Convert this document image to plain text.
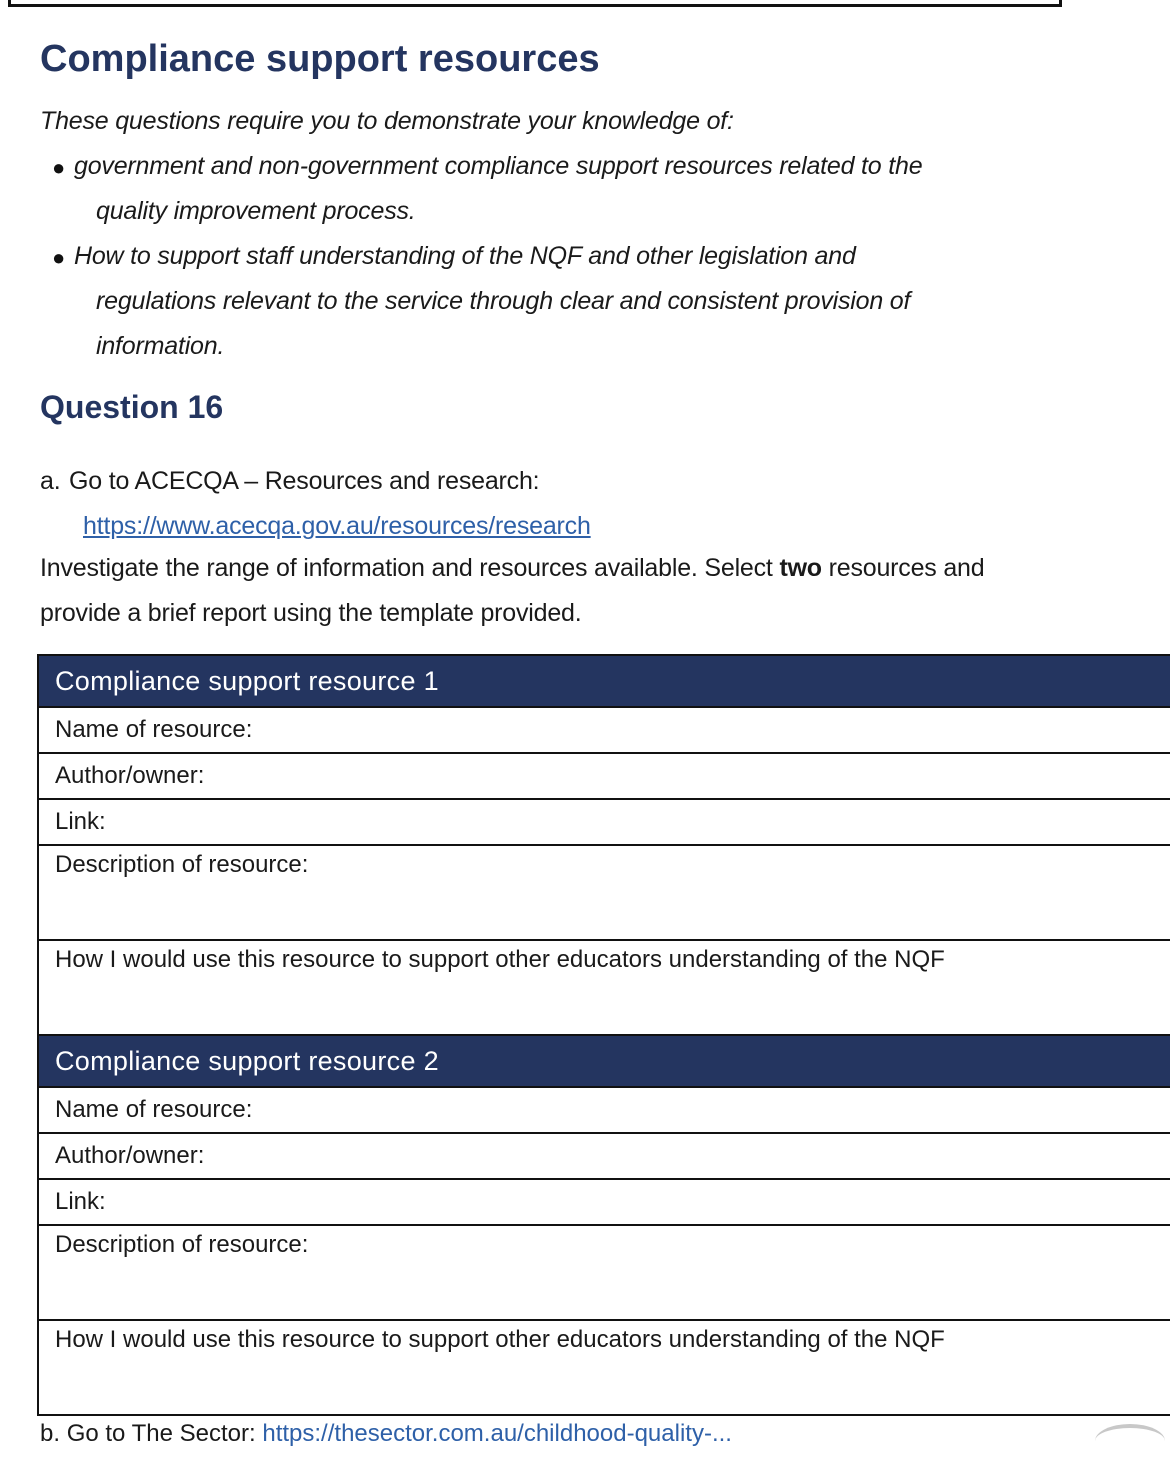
Compliance support resources
These questions require you to demonstrate your knowledge of:
● government and non-government compliance support resources related to the
quality improvement process.
● How to support staff understanding of the NQF and other legislation and
regulations relevant to the service through clear and consistent provision of
information.
Question 16
a. Go to ACECQA – Resources and research:
https://www.acecqa.gov.au/resources/research
Investigate the range of information and resources available. Select two resources and
provide a brief report using the template provided.
Compliance support resource 1
Name of resource:
Author/owner:
Link:
Description of resource:
How I would use this resource to support other educators understanding of the NQF
Compliance support resource 2
Name of resource:
Author/owner:
Link:
Description of resource:
How I would use this resource to support other educators understanding of the NQF
b. Go to The Sector: https://thesector.com.au/childhood-quality-...
